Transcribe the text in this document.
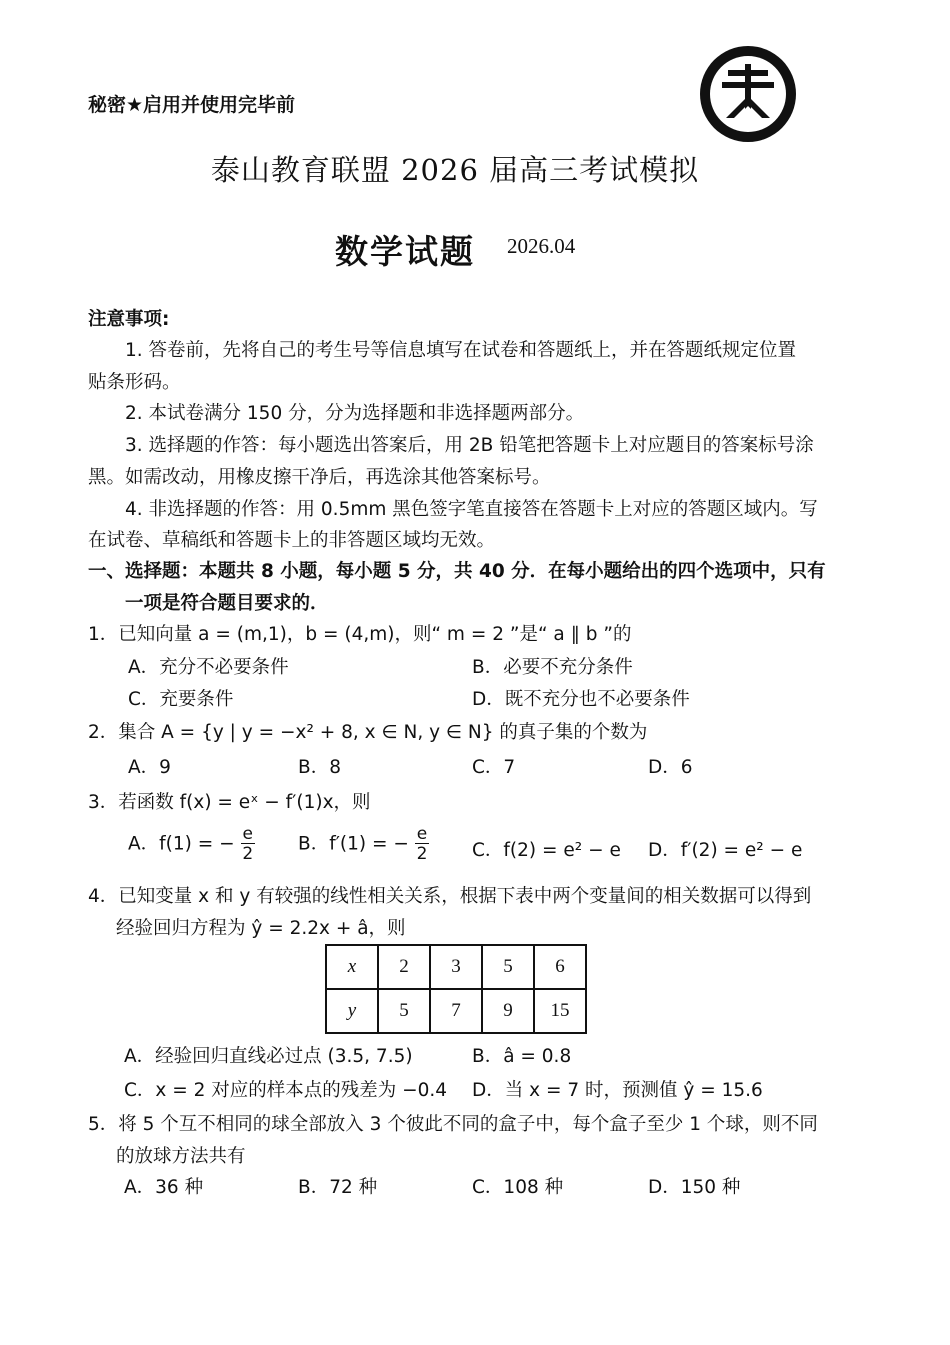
秘密★启用并使用完毕前
泰山教育联盟 2026 届高三考试模拟
数学试题 2026.04
注意事项:
1. 答卷前，先将自己的考生号等信息填写在试卷和答题纸上，并在答题纸规定位置
贴条形码。
2. 本试卷满分 150 分，分为选择题和非选择题两部分。
3. 选择题的作答：每小题选出答案后，用 2B 铅笔把答题卡上对应题目的答案标号涂
黑。如需改动，用橡皮擦干净后，再选涂其他答案标号。
4. 非选择题的作答：用 0.5mm 黑色签字笔直接答在答题卡上对应的答题区域内。写
在试卷、草稿纸和答题卡上的非答题区域均无效。
一、选择题：本题共 8 小题，每小题 5 分，共 40 分．在每小题给出的四个选项中，只有
一项是符合题目要求的．
1．已知向量 a = (m,1)，b = (4,m)，则“ m = 2 ”是“ a ∥ b ”的
A．充分不必要条件	B．必要不充分条件
C．充要条件	D．既不充分也不必要条件
2．集合 A = {y | y = −x² + 8, x ∈ N, y ∈ N} 的真子集的个数为
A．9	B．8	C．7	D．6
3．若函数 f(x) = eˣ − f′(1)x，则
A．f(1) = − $\frac{e}{2}$ B．f′(1) = − $\frac{e}{2}$ C．f(2) = e² − e D．f′(2) = e² − e
4．已知变量 x 和 y 有较强的线性相关关系，根据下表中两个变量间的相关数据可以得到
经验回归方程为 ŷ = 2.2x + â，则
x	2	3	5	6
y	5	7	9	15
A．经验回归直线必过点 (3.5, 7.5)	B．â = 0.8
C．x = 2 对应的样本点的残差为 −0.4 D．当 x = 7 时，预测值 ŷ = 15.6
5．将 5 个互不相同的球全部放入 3 个彼此不同的盒子中，每个盒子至少 1 个球，则不同
的放球方法共有
A．36 种	B．72 种	C．108 种	D．150 种
